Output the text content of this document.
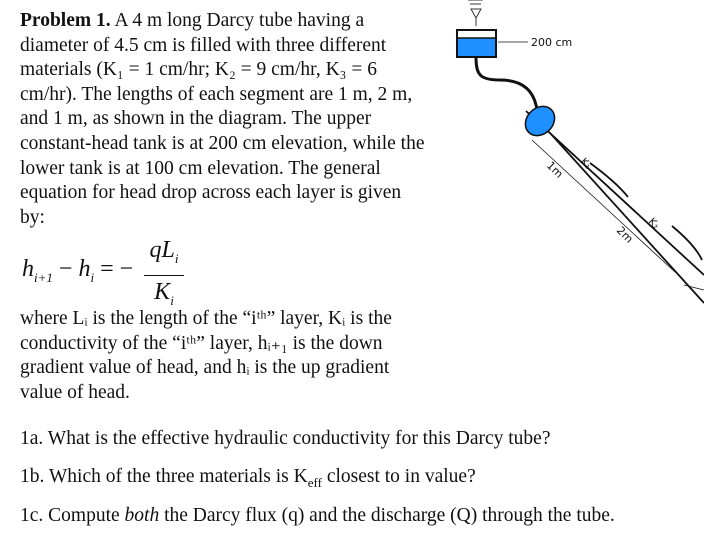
Problem 1. A 4 m long Darcy tube having a diameter of 4.5 cm is filled with three different materials (K₁ = 1 cm/hr; K₂ = 9 cm/hr, K₃ = 6 cm/hr). The lengths of each segment are 1 m, 2 m, and 1 m, as shown in the diagram. The upper constant-head tank is at 200 cm elevation, while the lower tank is at 100 cm elevation. The general equation for head drop across each layer is given by:
$h_{i+1} - h_i$ = −
$qL_i$
$K_i$
where Lᵢ is the length of the “iᵗʰ” layer, Kᵢ is the conductivity of the “iᵗʰ” layer, hᵢ₊₁ is the down gradient value of head, and hᵢ is the up gradient value of head.
1a. What is the effective hydraulic conductivity for this Darcy tube?
1b. Which of the three materials is $K_{eff}$ closest to in value?
1c. Compute both the Darcy flux (q) and the discharge (Q) through the tube.
200 cm
1m
2m
K₁
K₂
